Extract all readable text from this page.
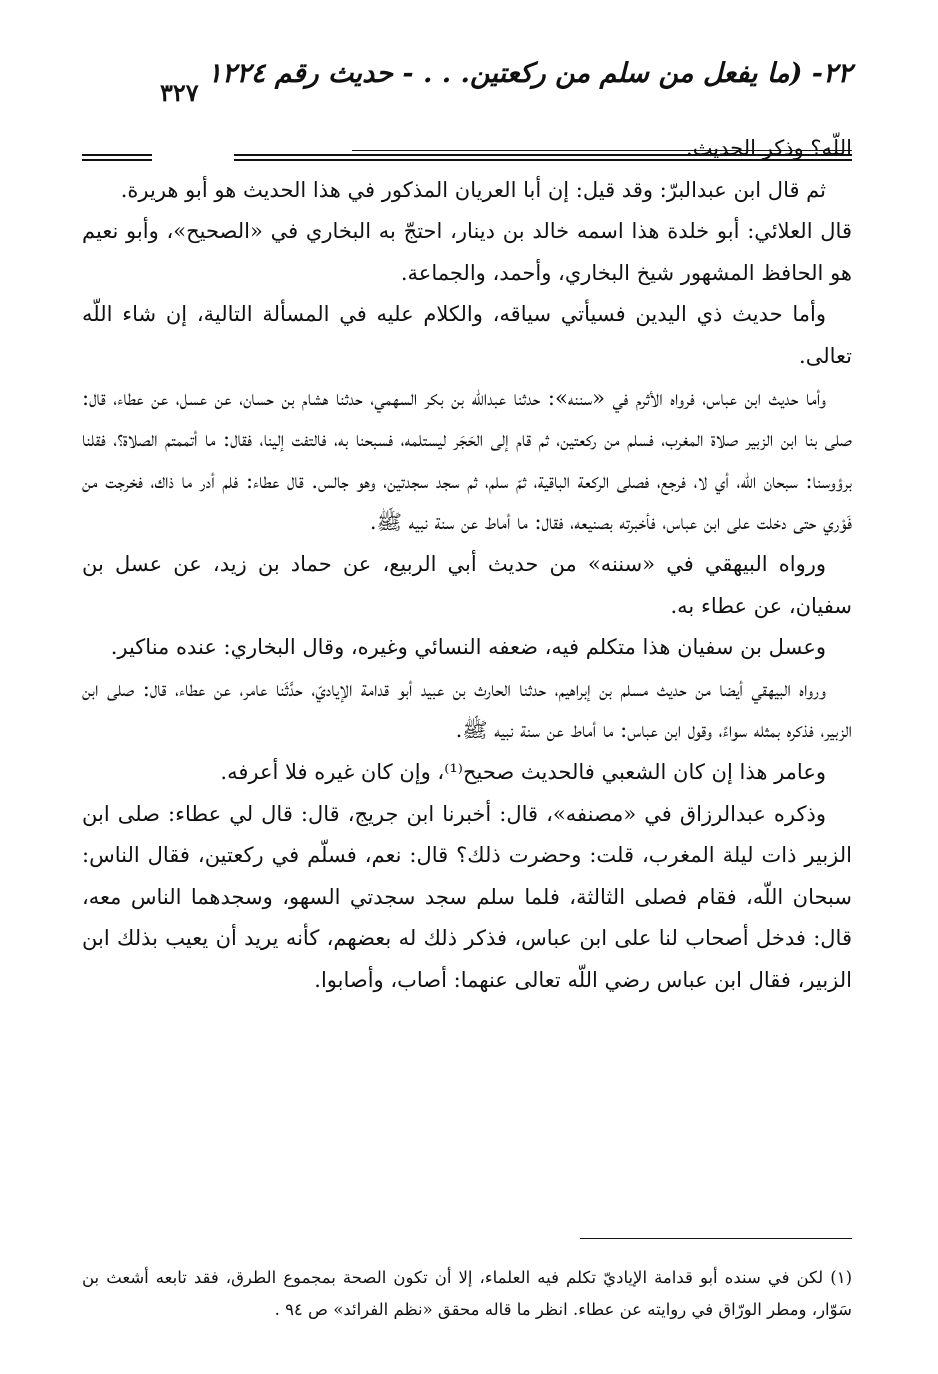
٢٢- (ما يفعل من سلم من ركعتين. . . - حديث رقم ١٢٢٤
٣٢٧

اللّه؟ وذكر الحديث.

ثم قال ابن عبدالبرّ: وقد قيل: إن أبا العريان المذكور في هذا الحديث هو أبو هريرة.

قال العلائي: أبو خلدة هذا اسمه خالد بن دينار، احتجّ به البخاري في «الصحيح»، وأبو نعيم هو الحافظ المشهور شيخ البخاري، وأحمد، والجماعة.

وأما حديث ذي اليدين فسيأتي سياقه، والكلام عليه في المسألة التالية، إن شاء اللّه تعالى.

وأما حديث ابن عباس، فرواه الأثرم في «سننه»: حدثنا عبداللّه بن بكر السهمي، حدثنا هشام بن حسان، عن عسل، عن عطاء، قال: صلى بنا ابن الزبير صلاة المغرب، فسلم من ركعتين، ثم قام إلى الحَجَر ليستلمه، فسبحنا به، فالتفت إلينا، فقال: ما أتممتم الصلاة؟، فقلنا برؤوسنا: سبحان اللّه، أي لا، فرجع، فصلى الركعة الباقية، ثمّ سلم، ثم سجد سجدتين، وهو جالس. قال عطاء: فلم أدر ما ذاك، فخرجت من فَوْري حتى دخلت على ابن عباس، فأخبرته بصنيعه، فقال: ما أماط عن سنة نبيه ﷺ.

ورواه البيهقي في «سننه» من حديث أبي الربيع، عن حماد بن زيد، عن عسل بن سفيان، عن عطاء به.

وعسل بن سفيان هذا متكلم فيه، ضعفه النسائي وغيره، وقال البخاري: عنده مناكير.

ورواه البيهقي أيضا من حديث مسلم بن إبراهيم، حدثنا الحارث بن عبيد أبو قدامة الإياديّ، حدَّثَنا عامر، عن عطاء، قال: صلى ابن الزبير، فذكره بمثله سواءً، وقول ابن عباس: ما أماط عن سنة نبيه ﷺ.

وعامر هذا إن كان الشعبي فالحديث صحيح⁽¹⁾، وإن كان غيره فلا أعرفه.

وذكره عبدالرزاق في «مصنفه»، قال: أخبرنا ابن جريج، قال: قال لي عطاء: صلى ابن الزبير ذات ليلة المغرب، قلت: وحضرت ذلك؟ قال: نعم، فسلّم في ركعتين، فقال الناس: سبحان اللّه، فقام فصلى الثالثة، فلما سلم سجد سجدتي السهو، وسجدهما الناس معه، قال: فدخل أصحاب لنا على ابن عباس، فذكر ذلك له بعضهم، كأنه يريد أن يعيب بذلك ابن الزبير، فقال ابن عباس رضي اللّه تعالى عنهما: أصاب، وأصابوا.

(١) لكن في سنده أبو قدامة الإياديّ تكلم فيه العلماء، إلا أن تكون الصحة بمجموع الطرق، فقد تابعه أشعث بن سَوّار، ومطر الورّاق في روايته عن عطاء. انظر ما قاله محقق «نظم الفرائد» ص ٩٤ .
